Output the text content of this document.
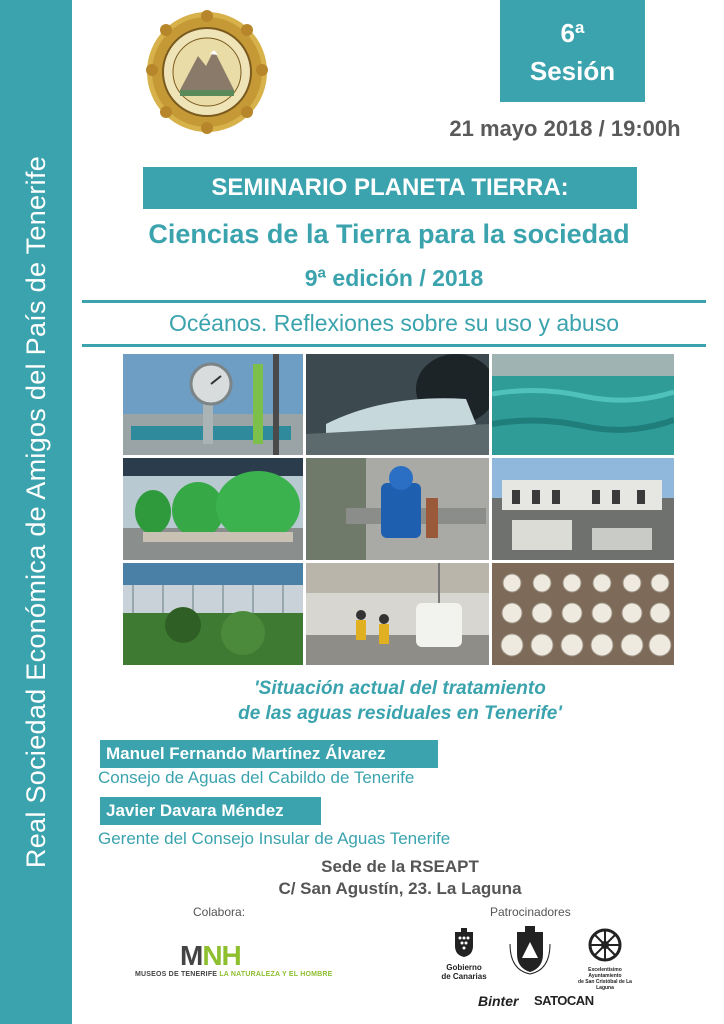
Real Sociedad Económica de Amigos del País de Tenerife
6ª
Sesión
21 mayo 2018 / 19:00h
SEMINARIO PLANETA TIERRA:
Ciencias de la Tierra para la sociedad
9ª edición / 2018
Océanos. Reflexiones sobre su uso y abuso
'Situación actual del tratamiento
de las aguas residuales en Tenerife'
Manuel Fernando Martínez Álvarez
Consejo de Aguas del Cabildo de Tenerife
Javier Davara Méndez
Gerente del Consejo Insular de Aguas Tenerife
Sede de la RSEAPT
C/ San Agustín, 23. La Laguna
Colabora:
MNH
MUSEOS DE TENERIFE LA NATURALEZA Y EL HOMBRE
Patrocinadores
Gobierno
de Canarias
Excelentísimo Ayuntamiento
de San Cristóbal de La Laguna
Binter SATOCAN
